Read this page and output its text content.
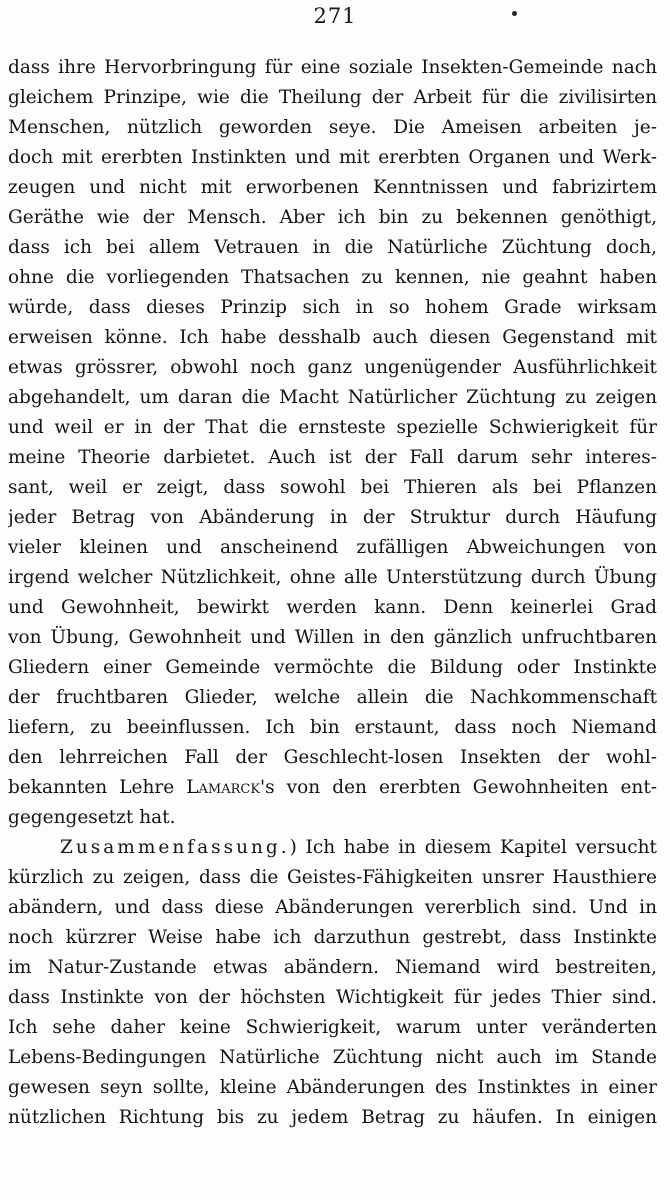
271
dass ihre Hervorbringung für eine soziale Insekten-Gemeinde nach
gleichem Prinzipe, wie die Theilung der Arbeit für die zivilisirten
Menschen, nützlich geworden seye. Die Ameisen arbeiten je-
doch mit ererbten Instinkten und mit ererbten Organen und Werk-
zeugen und nicht mit erworbenen Kenntnissen und fabrizirtem
Geräthe wie der Mensch. Aber ich bin zu bekennen genöthigt,
dass ich bei allem Vetrauen in die Natürliche Züchtung doch,
ohne die vorliegenden Thatsachen zu kennen, nie geahnt haben
würde, dass dieses Prinzip sich in so hohem Grade wirksam
erweisen könne. Ich habe desshalb auch diesen Gegenstand mit
etwas grössrer, obwohl noch ganz ungenügender Ausführlichkeit
abgehandelt, um daran die Macht Natürlicher Züchtung zu zeigen
und weil er in der That die ernsteste spezielle Schwierigkeit für
meine Theorie darbietet. Auch ist der Fall darum sehr interes-
sant, weil er zeigt, dass sowohl bei Thieren als bei Pflanzen
jeder Betrag von Abänderung in der Struktur durch Häufung
vieler kleinen und anscheinend zufälligen Abweichungen von
irgend welcher Nützlichkeit, ohne alle Unterstützung durch Übung
und Gewohnheit, bewirkt werden kann. Denn keinerlei Grad
von Übung, Gewohnheit und Willen in den gänzlich unfruchtbaren
Gliedern einer Gemeinde vermöchte die Bildung oder Instinkte
der fruchtbaren Glieder, welche allein die Nachkommenschaft
liefern, zu beeinflussen. Ich bin erstaunt, dass noch Niemand
den lehrreichen Fall der Geschlecht-losen Insekten der wohl-
bekannten Lehre Lamarck's von den ererbten Gewohnheiten ent-
gegengesetzt hat.
Zusammenfassung.) Ich habe in diesem Kapitel versucht
kürzlich zu zeigen, dass die Geistes-Fähigkeiten unsrer Hausthiere
abändern, und dass diese Abänderungen vererblich sind. Und in
noch kürzrer Weise habe ich darzuthun gestrebt, dass Instinkte
im Natur-Zustande etwas abändern. Niemand wird bestreiten,
dass Instinkte von der höchsten Wichtigkeit für jedes Thier sind.
Ich sehe daher keine Schwierigkeit, warum unter veränderten
Lebens-Bedingungen Natürliche Züchtung nicht auch im Stande
gewesen seyn sollte, kleine Abänderungen des Instinktes in einer
nützlichen Richtung bis zu jedem Betrag zu häufen. In einigen
